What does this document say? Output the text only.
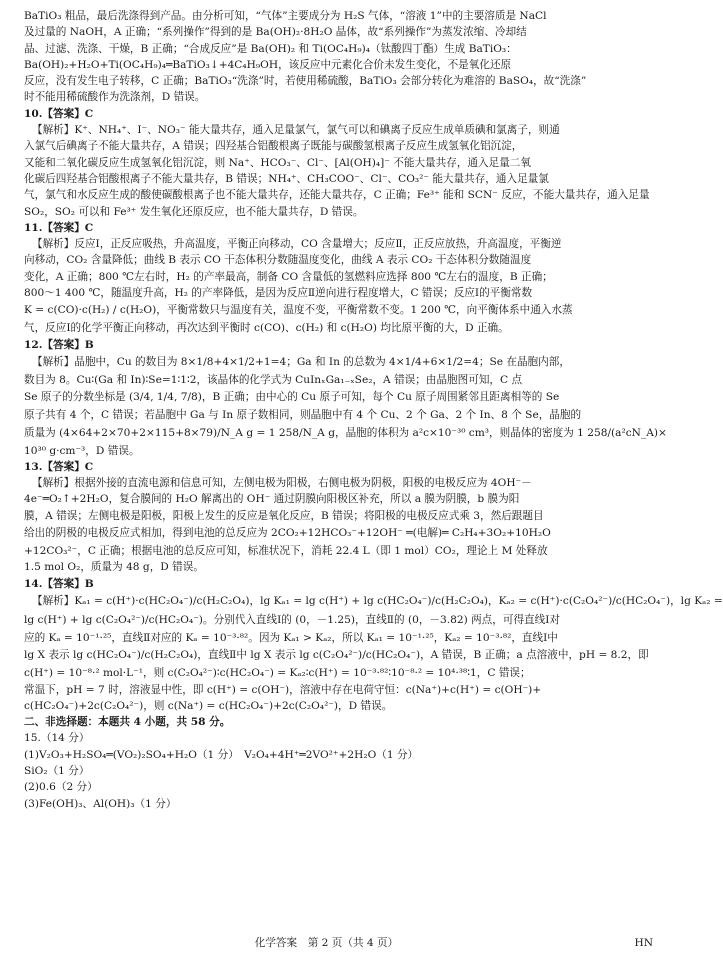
BaTiO₃ 粗品，最后洗涤得到产品。由分析可知，“气体”主要成分为 H₂S 气体，“溶液 1”中的主要溶质是 NaCl
及过量的 NaOH，A 正确；“系列操作”得到的是 Ba(OH)₂·8H₂O 晶体，故“系列操作”为蒸发浓缩、冷却结
晶、过滤、洗涤、干燥，B 正确；“合成反应”是 Ba(OH)₂ 和 Ti(OC₄H₉)₄（钛酸四丁酯）生成 BaTiO₃：
Ba(OH)₂+H₂O+Ti(OC₄H₉)₄═BaTiO₃↓+4C₄H₉OH，该反应中元素化合价未发生变化，不是氧化还原
反应，没有发生电子转移，C 正确；BaTiO₃“洗涤”时，若使用稀硫酸，BaTiO₃ 会部分转化为难溶的 BaSO₄，故“洗涤”
时不能用稀硫酸作为洗涤剂，D 错误。
10.【答案】C
【解析】K⁺、NH₄⁺、I⁻、NO₃⁻ 能大量共存，通入足量氯气，氯气可以和碘离子反应生成单质碘和氯离子，则通
入氯气后碘离子不能大量共存，A 错误；四羟基合铝酸根离子既能与碳酸氢根离子反应生成氢氧化铝沉淀，
又能和二氧化碳反应生成氢氧化铝沉淀，则 Na⁺、HCO₃⁻、Cl⁻、[Al(OH)₄]⁻ 不能大量共存，通入足量二氧
化碳后四羟基合铝酸根离子不能大量共存，B 错误；NH₄⁺、CH₃COO⁻、Cl⁻、CO₃²⁻ 能大量共存，通入足量氯
气，氯气和水反应生成的酸使碳酸根离子也不能大量共存，还能大量共存，C 正确；Fe³⁺ 能和 SCN⁻ 反应，不能大量共存，通入足量
SO₂，SO₂ 可以和 Fe³⁺ 发生氧化还原反应，也不能大量共存，D 错误。
11.【答案】C
【解析】反应Ⅰ，正反应吸热，升高温度，平衡正向移动，CO 含量增大；反应Ⅱ，正反应放热，升高温度，平衡逆
向移动，CO₂ 含量降低；曲线 B 表示 CO 干态体积分数随温度变化，曲线 A 表示 CO₂ 干态体积分数随温度
变化，A 正确；800 ℃左右时，H₂ 的产率最高，制备 CO 含量低的氢燃料应选择 800 ℃左右的温度，B 正确；
800～1 400 ℃，随温度升高，H₂ 的产率降低，是因为反应Ⅱ逆向进行程度增大，C 错误；反应Ⅰ的平衡常数
K = c(CO)·c(H₂) / c(H₂O)，平衡常数只与温度有关，温度不变，平衡常数不变。1 200 ℃，向平衡体系中通入水蒸
气，反应Ⅰ的化学平衡正向移动，再次达到平衡时 c(CO)、c(H₂) 和 c(H₂O) 均比原平衡的大，D 正确。
12.【答案】B
【解析】晶胞中，Cu 的数目为 8×1/8+4×1/2+1=4；Ga 和 In 的总数为 4×1/4+6×1/2=4；Se 在晶胞内部，
数目为 8。Cu∶(Ga 和 In)∶Se=1∶1∶2，该晶体的化学式为 CuInₓGa₁₋ₓSe₂，A 错误；由晶胞图可知，C 点
Se 原子的分数坐标是 (3/4, 1/4, 7/8)，B 正确；由中心的 Cu 原子可知，每个 Cu 原子周围紧邻且距离相等的 Se
原子共有 4 个，C 错误；若晶胞中 Ga 与 In 原子数相同，则晶胞中有 4 个 Cu、2 个 Ga、2 个 In、8 个 Se，晶胞的
质量为 (4×64+2×70+2×115+8×79)/N_A g = 1 258/N_A g，晶胞的体积为 a²c×10⁻³⁰ cm³，则晶体的密度为 1 258/(a²cN_A)×
10³⁰ g·cm⁻³，D 错误。
13.【答案】C
【解析】根据外接的直流电源和信息可知，左侧电极为阳极，右侧电极为阴极，阳极的电极反应为 4OH⁻－
4e⁻═O₂↑+2H₂O，复合膜间的 H₂O 解离出的 OH⁻ 通过阴膜向阳极区补充，所以 a 膜为阴膜，b 膜为阳
膜，A 错误；左侧电极是阳极，阳极上发生的反应是氧化反应，B 错误；将阳极的电极反应式乘 3，然后跟题目
给出的阴极的电极反应式相加，得到电池的总反应为 2CO₂+12HCO₃⁻+12OH⁻ ═(电解)═ C₂H₄+3O₂+10H₂O
+12CO₃²⁻，C 正确；根据电池的总反应可知，标准状况下，消耗 22.4 L（即 1 mol）CO₂，理论上 M 处释放
1.5 mol O₂，质量为 48 g，D 错误。
14.【答案】B
【解析】Kₐ₁ = c(H⁺)·c(HC₂O₄⁻)/c(H₂C₂O₄)，lg Kₐ₁ = lg c(H⁺) + lg c(HC₂O₄⁻)/c(H₂C₂O₄)，Kₐ₂ = c(H⁺)·c(C₂O₄²⁻)/c(HC₂O₄⁻)，lg Kₐ₂ =
lg c(H⁺) + lg c(C₂O₄²⁻)/c(HC₂O₄⁻)。分别代入直线Ⅰ的 (0，－1.25)，直线Ⅱ的 (0，－3.82) 两点，可得直线Ⅰ对
应的 Kₐ = 10⁻¹·²⁵，直线Ⅱ对应的 Kₐ = 10⁻³·⁸²。因为 Kₐ₁ > Kₐ₂，所以 Kₐ₁ = 10⁻¹·²⁵，Kₐ₂ = 10⁻³·⁸²，直线Ⅰ中
lg X 表示 lg c(HC₂O₄⁻)/c(H₂C₂O₄)，直线Ⅱ中 lg X 表示 lg c(C₂O₄²⁻)/c(HC₂O₄⁻)，A 错误，B 正确；a 点溶液中，pH = 8.2，即
c(H⁺) = 10⁻⁸·² mol·L⁻¹，则 c(C₂O₄²⁻)∶c(HC₂O₄⁻) = Kₐ₂∶c(H⁺) = 10⁻³·⁸²∶10⁻⁸·² = 10⁴·³⁸∶1，C 错误；
常温下，pH = 7 时，溶液显中性，即 c(H⁺) = c(OH⁻)，溶液中存在电荷守恒：c(Na⁺)+c(H⁺) = c(OH⁻)+
c(HC₂O₄⁻)+2c(C₂O₄²⁻)，则 c(Na⁺) = c(HC₂O₄⁻)+2c(C₂O₄²⁻)，D 错误。
二、非选择题：本题共 4 小题，共 58 分。
15.（14 分）
(1)V₂O₃+H₂SO₄═(VO₂)₂SO₄+H₂O（1 分）　V₂O₄+4H⁺═2VO²⁺+2H₂O（1 分）
SiO₂（1 分）
(2)0.6（2 分）
(3)Fe(OH)₃、Al(OH)₃（1 分）
化学答案　第 2 页（共 4 页）	HN
